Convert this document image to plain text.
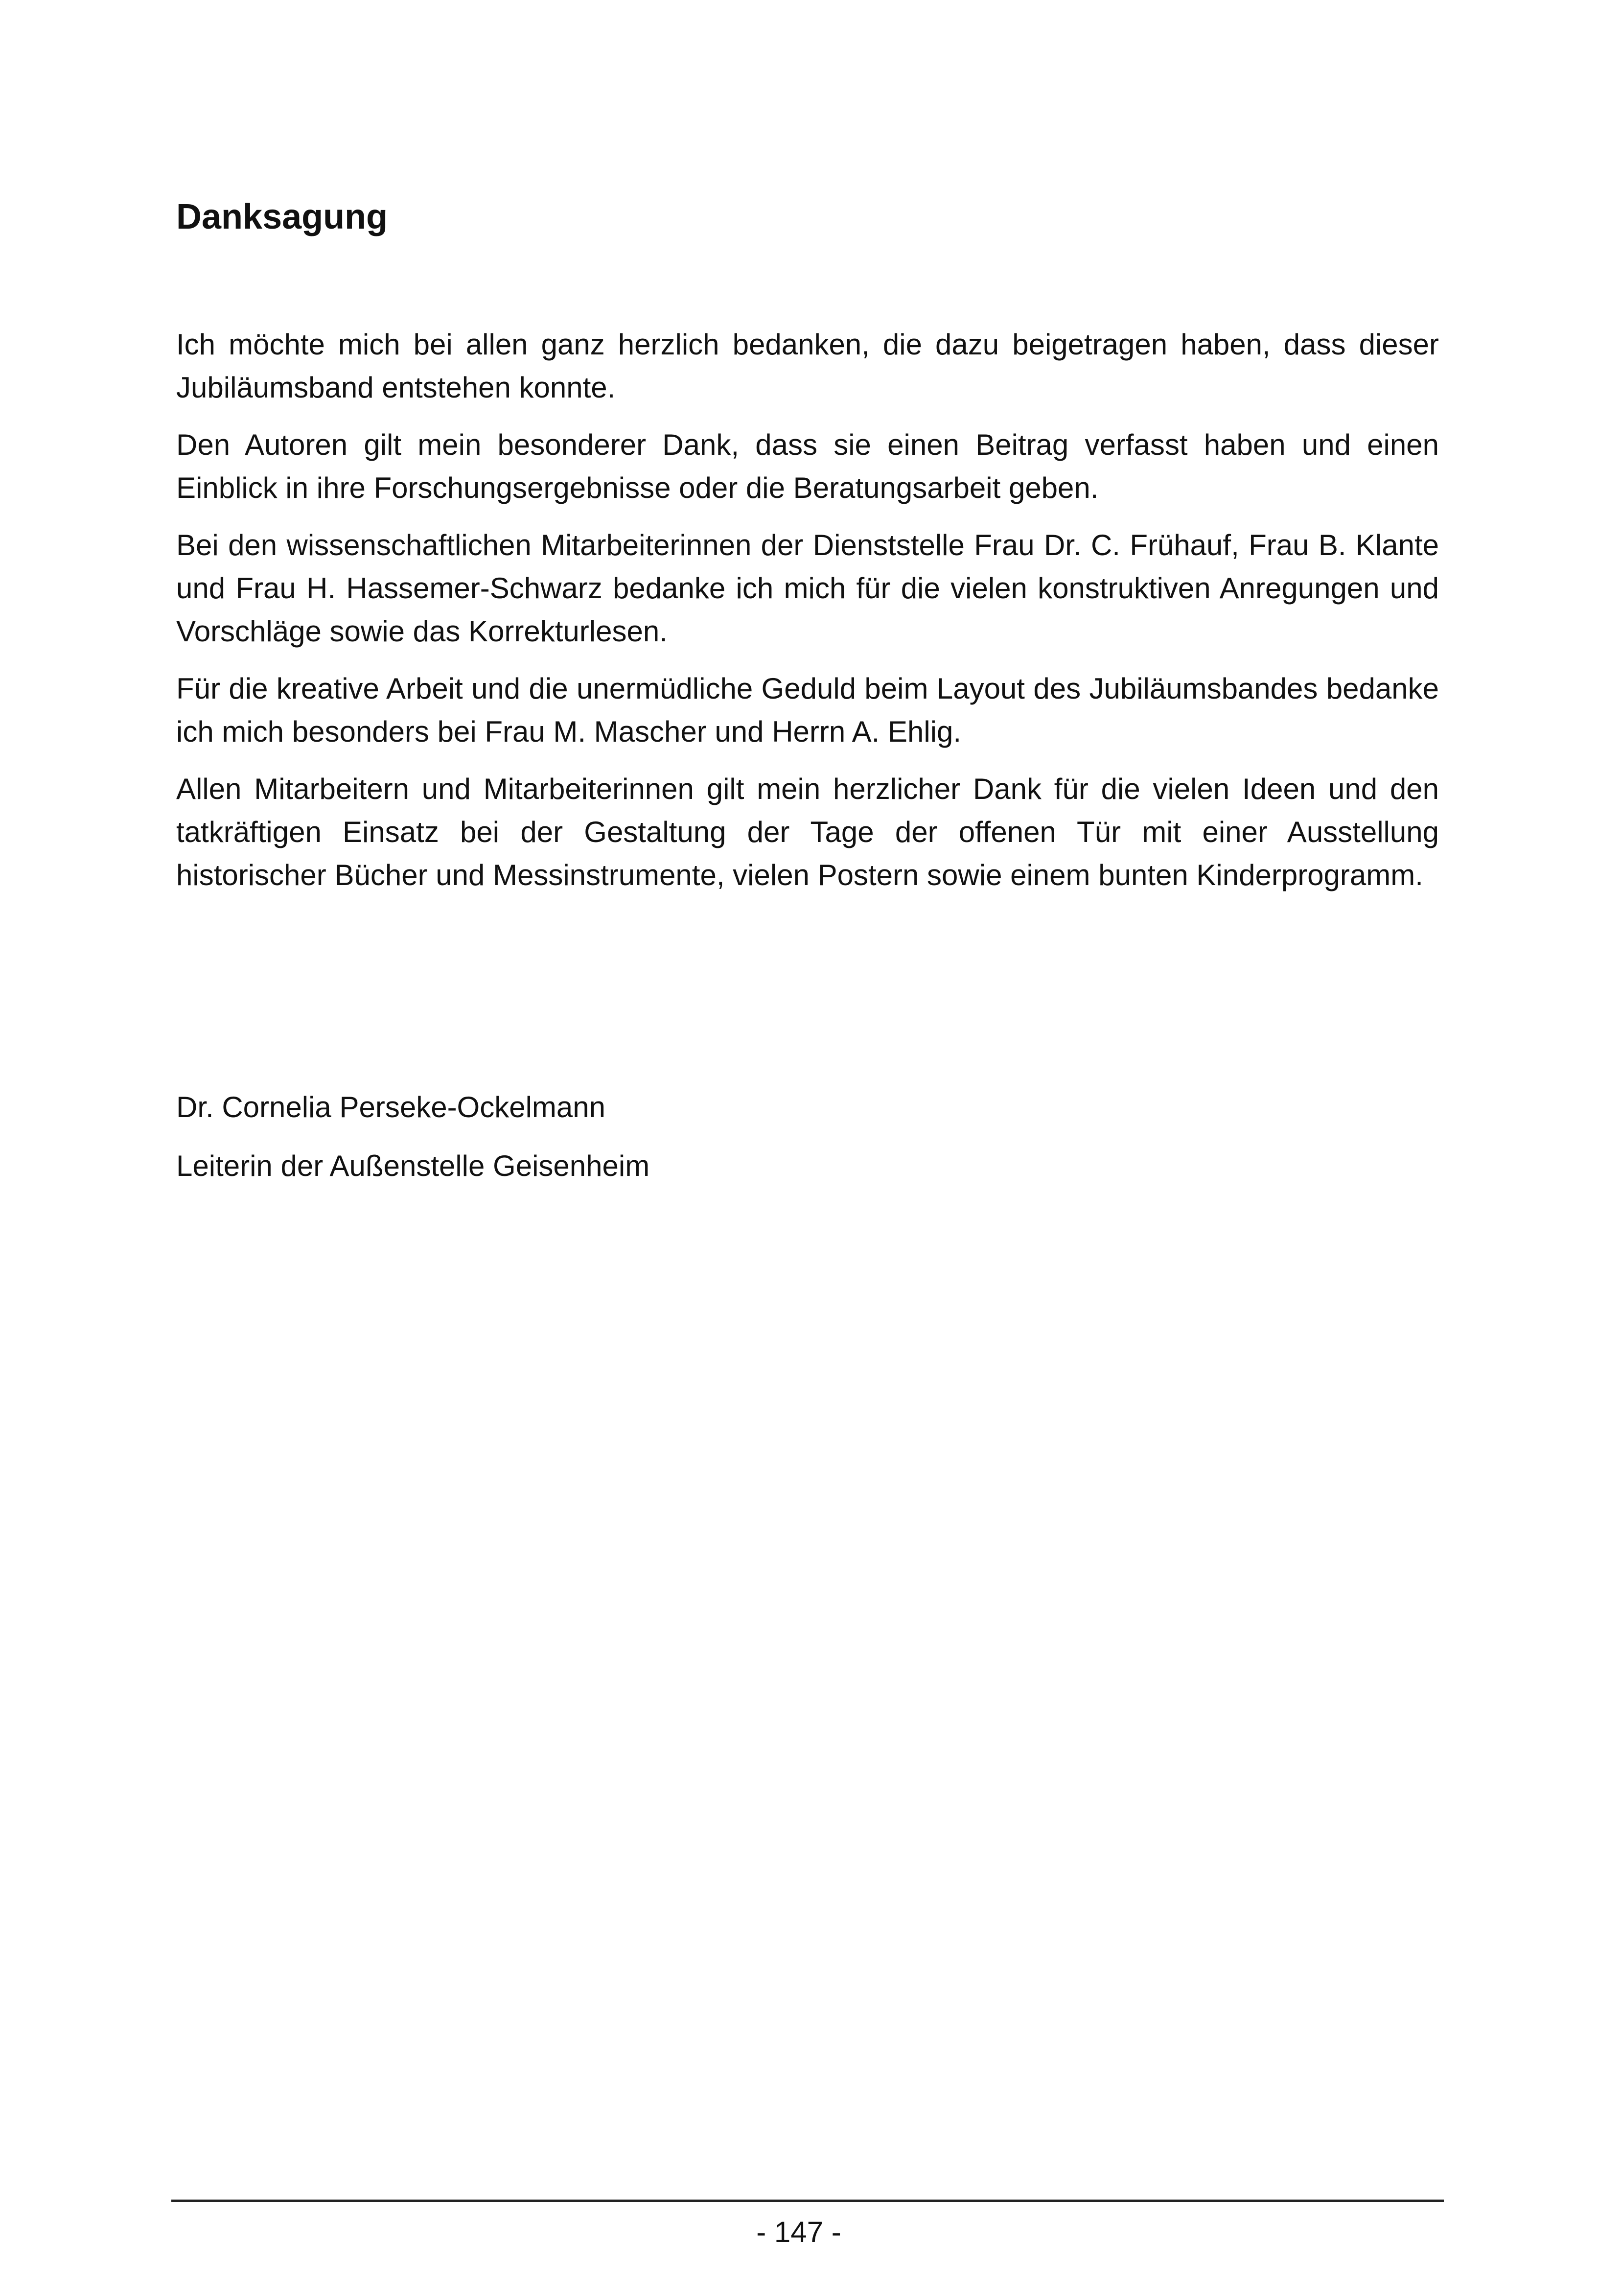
Danksagung

Ich möchte mich bei allen ganz herzlich bedanken, die dazu beigetragen haben, dass dieser Jubiläumsband entstehen konnte.

Den Autoren gilt mein besonderer Dank, dass sie einen Beitrag verfasst haben und einen Einblick in ihre Forschungsergebnisse oder die Beratungsarbeit geben.

Bei den wissenschaftlichen Mitarbeiterinnen der Dienststelle Frau Dr. C. Frühauf, Frau B. Klante und Frau H. Hassemer-Schwarz bedanke ich mich für die vielen konstruktiven Anregungen und Vorschläge sowie das Korrekturlesen.

Für die kreative Arbeit und die unermüdliche Geduld beim Layout des Jubiläumsbandes bedanke ich mich besonders bei Frau M. Mascher und Herrn A. Ehlig.

Allen Mitarbeitern und Mitarbeiterinnen gilt mein herzlicher Dank für die vielen Ideen und den tatkräftigen Einsatz bei der Gestaltung der Tage der offenen Tür mit einer Ausstellung historischer Bücher und Messinstrumente, vielen Postern sowie einem bunten Kinderprogramm.

Dr. Cornelia Perseke-Ockelmann
Leiterin der Außenstelle Geisenheim
- 147 -
